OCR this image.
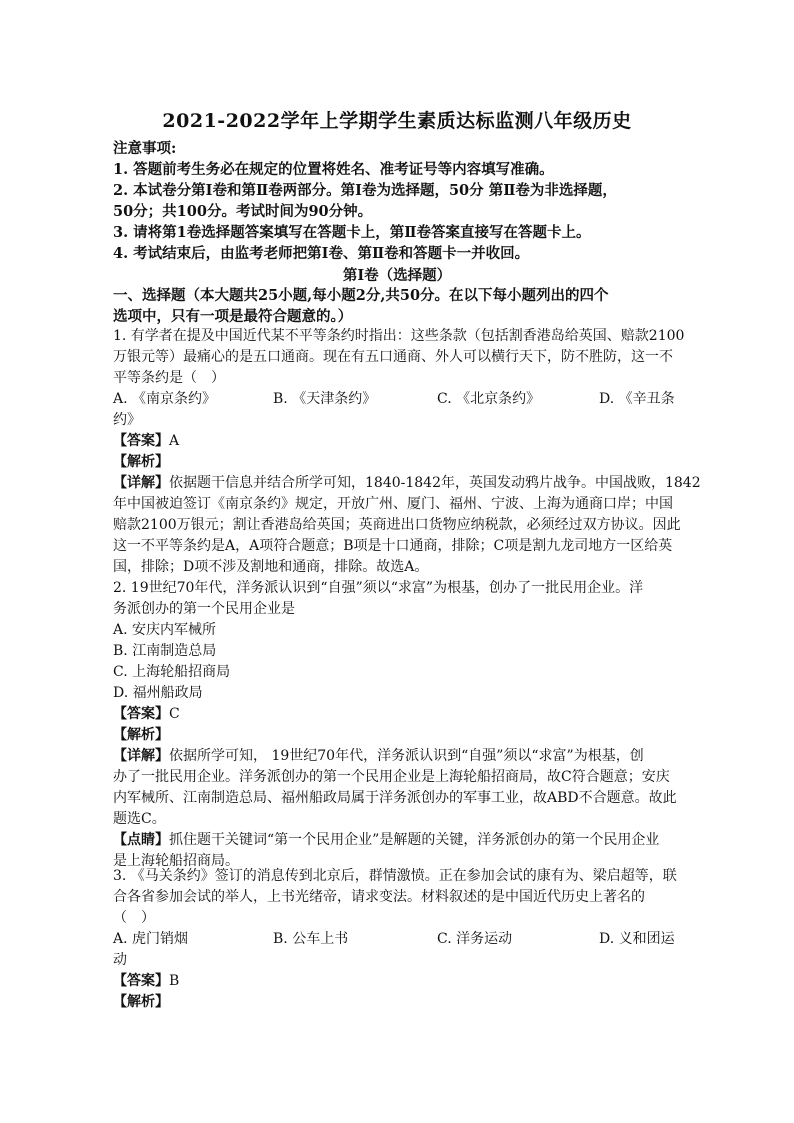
2021-2022学年上学期学生素质达标监测八年级历史
注意事项:
1. 答题前考生务必在规定的位置将姓名、准考证号等内容填写准确。
2. 本试卷分第Ⅰ卷和第Ⅱ卷两部分。第Ⅰ卷为选择题，50分 第Ⅱ卷为非选择题，
50分；共100分。考试时间为90分钟。
3. 请将第1卷选择题答案填写在答题卡上，第Ⅱ卷答案直接写在答题卡上。
4. 考试结束后，由监考老师把第Ⅰ卷、第Ⅱ卷和答题卡一并收回。
第Ⅰ卷（选择题）
一、选择题（本大题共25小题,每小题2分,共50分。在以下每小题列出的四个
选项中，只有一项是最符合题意的。）
1. 有学者在提及中国近代某不平等条约时指出：这些条款（包括割香港岛给英国、赔款2100
万银元等）最痛心的是五口通商。现在有五口通商、外人可以横行天下，防不胜防，这一不
平等条约是（　）
A. 《南京条约》	B. 《天津条约》	C. 《北京条约》	D. 《辛丑条
约》
【答案】A
【解析】
【详解】依据题干信息并结合所学可知，1840-1842年，英国发动鸦片战争。中国战败，1842
年中国被迫签订《南京条约》规定，开放广州、厦门、福州、宁波、上海为通商口岸；中国
赔款2100万银元；割让香港岛给英国；英商进出口货物应纳税款，必须经过双方协议。因此
这一不平等条约是A，A项符合题意；B项是十口通商，排除；C项是割九龙司地方一区给英
国，排除；D项不涉及割地和通商，排除。故选A。
2. 19世纪70年代，洋务派认识到“自强”须以“求富”为根基，创办了一批民用企业。洋
务派创办的第一个民用企业是
A. 安庆内军械所
B. 江南制造总局
C. 上海轮船招商局
D. 福州船政局
【答案】C
【解析】
【详解】依据所学可知， 19世纪70年代，洋务派认识到“自强”须以“求富”为根基，创
办了一批民用企业。洋务派创办的第一个民用企业是上海轮船招商局，故C符合题意；安庆
内军械所、江南制造总局、福州船政局属于洋务派创办的军事工业，故ABD不合题意。故此
题选C。
【点睛】抓住题干关键词“第一个民用企业”是解题的关键，洋务派创办的第一个民用企业
是上海轮船招商局。
3. 《马关条约》签订的消息传到北京后，群情激愤。正在参加会试的康有为、梁启超等，联
合各省参加会试的举人，上书光绪帝，请求变法。材料叙述的是中国近代历史上著名的
（　）
A. 虎门销烟	B. 公车上书	C. 洋务运动	D. 义和团运
动
【答案】B
【解析】
